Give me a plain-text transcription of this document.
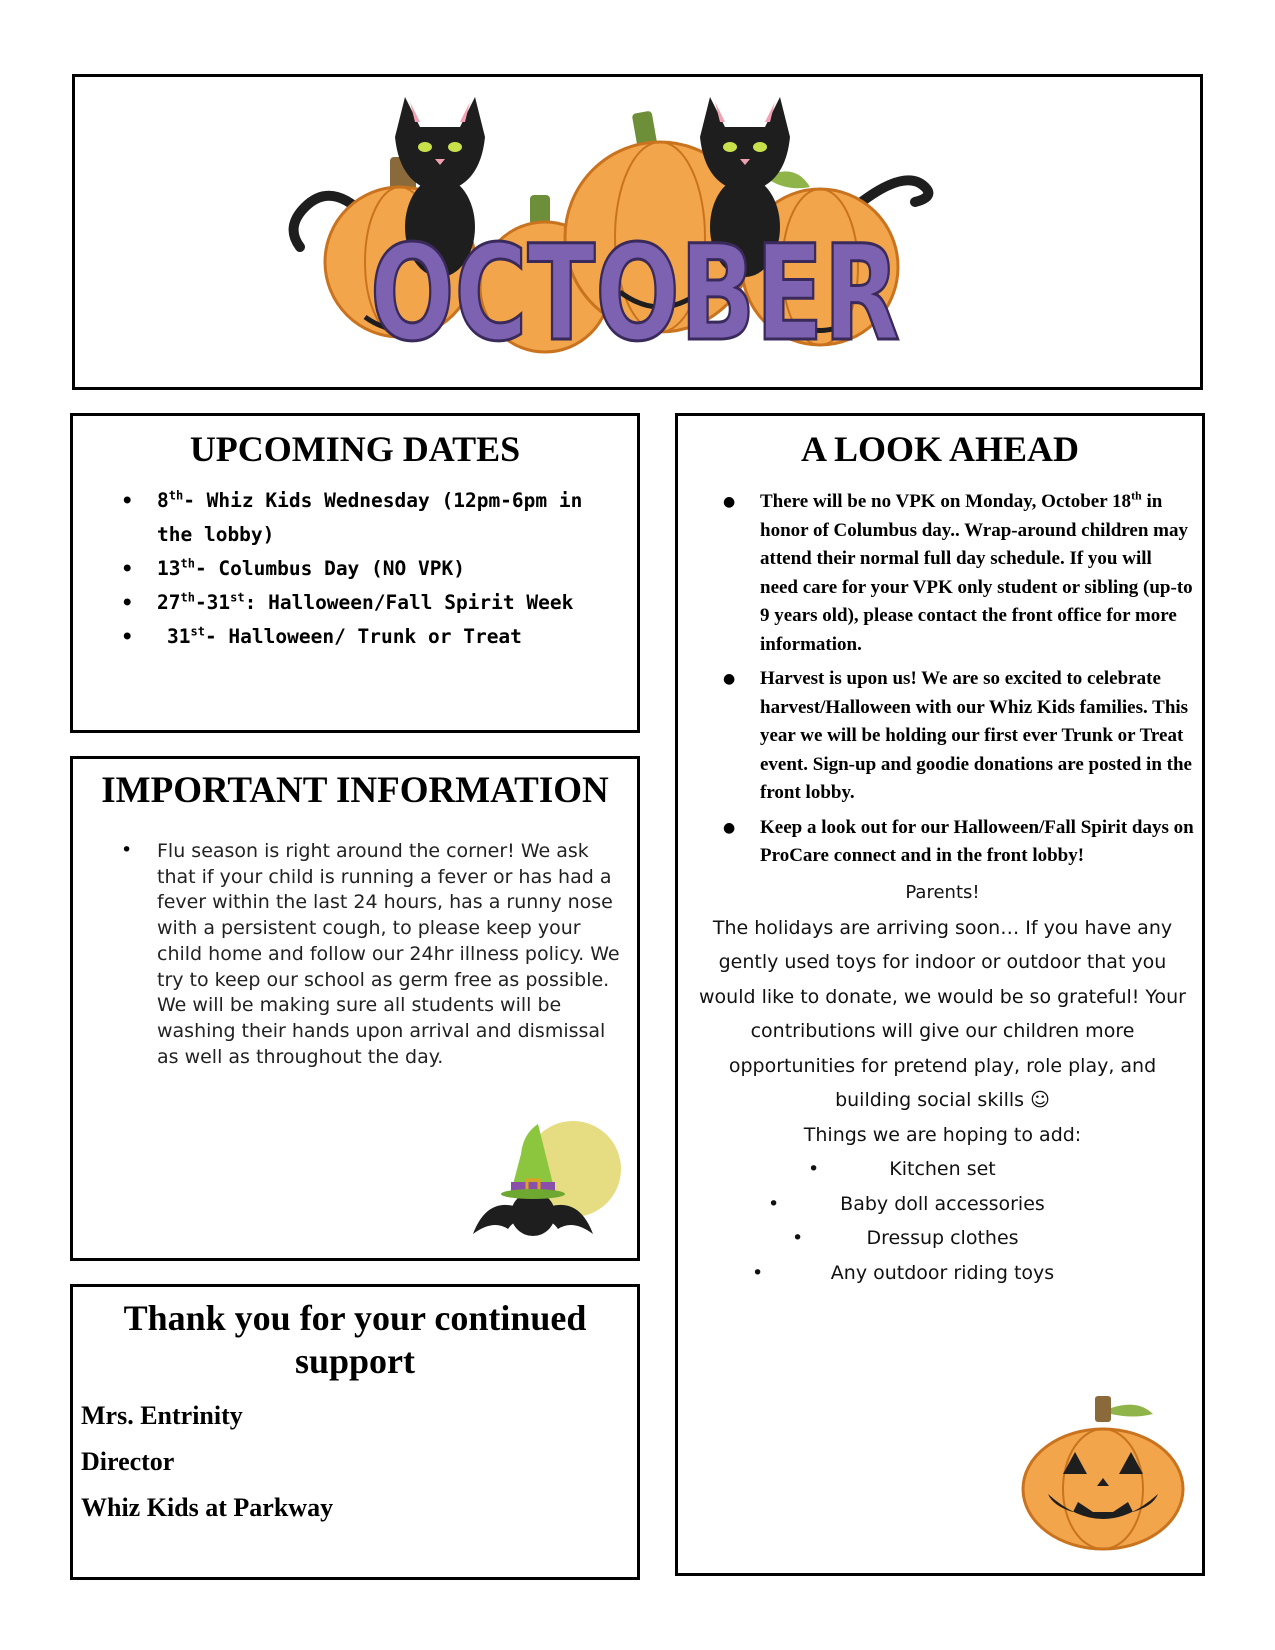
OCTOBER
UPCOMING DATES
• 8th- Whiz Kids Wednesday (12pm-6pm in the lobby)
• 13th- Columbus Day (NO VPK)
• 27th-31st: Halloween/Fall Spirit Week
• 31st- Halloween/ Trunk or Treat
IMPORTANT INFORMATION
• Flu season is right around the corner! We ask that if your child is running a fever or has had a fever within the last 24 hours, has a runny nose with a persistent cough, to please keep your child home and follow our 24hr illness policy. We try to keep our school as germ free as possible. We will be making sure all students will be washing their hands upon arrival and dismissal as well as throughout the day.
Thank you for your continued support
Mrs. Entrinity
Director
Whiz Kids at Parkway
A LOOK AHEAD
● There will be no VPK on Monday, October 18th in honor of Columbus day.. Wrap-around children may attend their normal full day schedule. If you will need care for your VPK only student or sibling (up-to 9 years old), please contact the front office for more information.
● Harvest is upon us! We are so excited to celebrate harvest/Halloween with our Whiz Kids families. This year we will be holding our first ever Trunk or Treat event. Sign-up and goodie donations are posted in the front lobby.
● Keep a look out for our Halloween/Fall Spirit days on ProCare connect and in the front lobby!
Parents!
The holidays are arriving soon… If you have any gently used toys for indoor or outdoor that you would like to donate, we would be so grateful! Your contributions will give our children more opportunities for pretend play, role play, and building social skills ☺
Things we are hoping to add:
•	Kitchen set
•	Baby doll accessories
•	Dressup clothes
•	Any outdoor riding toys
